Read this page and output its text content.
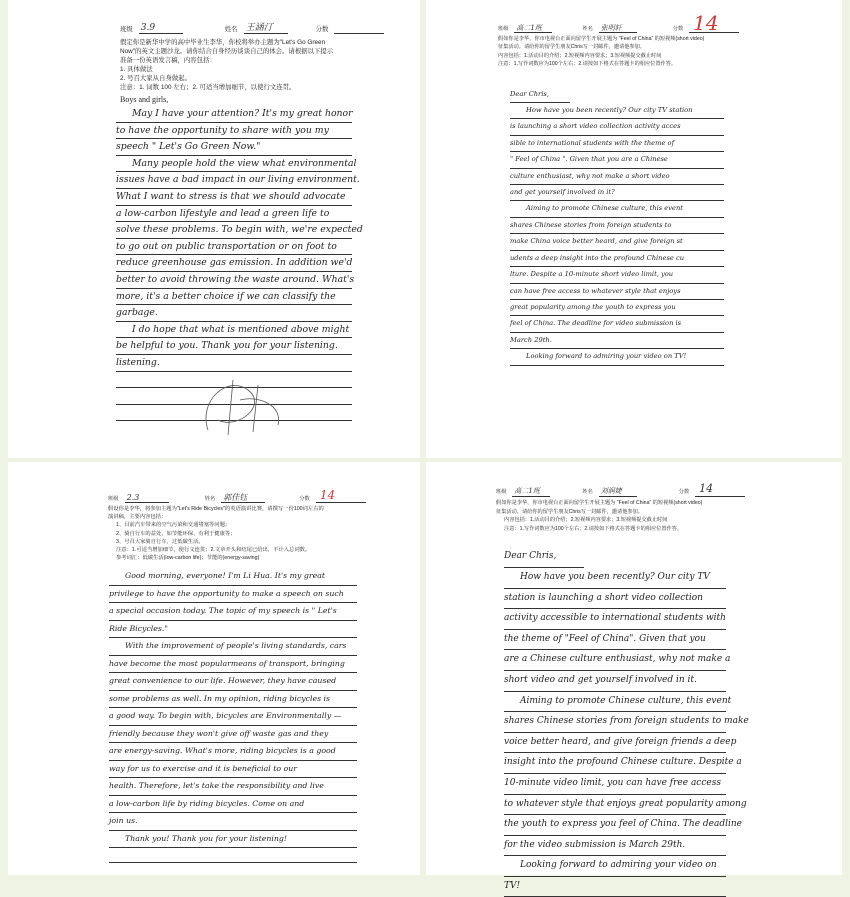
班级 3.9	姓名 王涵汀	分数

假定你是新华中学的高中毕业生李华，你校将举办主题为"Let's Go Green

Now"的英文主题沙龙。请你结合自身经历谈谈自己的体会。请根据以下提示

准备一份英语发言稿，内容包括：

1. 具体做法

2. 号召大家从自身做起。

注意：1. 词数 100 左右；2. 可适当增加细节，以使行文连贯。

Boys and girls,

May I have your attention? It's my great honor
to have the opportunity to share with you my
speech " Let's Go Green Now."
Many people hold the view what environmental
issues have a bad impact in our living environment.
What I want to stress is that we should advocate
a low-carbon lifestyle and lead a green life to
solve these problems. To begin with, we're expected
to go out on public transportation or on foot to
reduce greenhouse gas emission. In addition we'd
better to avoid throwing the waste around. What's
more, it's a better choice if we can classify the
garbage.
I do hope that what is mentioned above might
be helpful to you. Thank you for your listening.
listening.
班级 高二1班	姓名 张明轩	分数 14

假如你是李华，你市电视台正面向留学生开展主题为 "Feel of China" 的短视频(short video)

征集活动。请给你的留学生朋友Chris写一封邮件，邀请他参加。

内容包括：1.活动目的介绍；2.短视频内容要求；3.短视频提交截止时间

注意：1.写作词数应为100个左右；2.请按如下格式在答题卡的相应位置作答。

Dear Chris,
How have you been recently? Our city TV station
is launching a short video collection activity acces
sible to international students with the theme of
" Feel of China ". Given that you are a Chinese
culture enthusiast, why not make a short video
and get yourself involved in it?
Aiming to promote Chinese culture, this event
shares Chinese stories from foreign students to
make China voice better heard, and give foreign st
udents a deep insight into the profound Chinese cu
lture. Despite a 10-minute short video limit, you
can have free access to whatever style that enjoys
great popularity among the youth to express you
feel of China. The deadline for video submission is
March 29th.
Looking forward to admiring your video on TV!
班级 2.3	姓名 郭佳钰	分数 14

假设你是李华，将参加主题为"Let's Ride Bicycles"的英语演讲比赛，请撰写一份100词左右的

演讲稿，主要内容包括：

1、目前汽车带来的空气污染和交通堵塞等问题；

2、骑自行车的益处，如节能环保、有利于健康等；

3、号召大家骑自行车，过低碳生活。

注意：1.可适当增加细节，使行文连贯；2.文章开头和结尾已给出，不计入总词数。

参考词汇：低碳生活(low-carbon life)；节能的(energy-saving)

Good morning, everyone! I'm Li Hua. It's my great
privilege to have the opportunity to make a speech on such
a special occasion today. The topic of my speech is " Let's
Ride Bicycles."
With the improvement of people's living standards, cars
have become the most popularmeans of transport, bringing
great convenience to our life. However, they have caused
some problems as well. In my opinion, riding bicycles is
a good way. To begin with, bicycles are Environmentally —
friendly because they won't give off waste gas and they
are energy-saving. What's more, riding bicycles is a good
way for us to exercise and it is beneficial to our
health. Therefore, let's take the responsibility and live
a low-carbon life by riding bicycles. Come on and
join us.
Thank you! Thank you for your listening!
班级 高二1班	姓名 刘润婕	分数 14

假如你是李华，你市电视台正面向留学生开展主题为 "Feel of China" 的短视频(short video)

征集活动。请给你的留学生朋友Chris写一封邮件，邀请他参加。

内容包括：1.活动目的介绍；2.短视频内容要求；3.短视频提交截止时间

注意：1.写作词数应为100个左右；2.请按如下格式在答题卡的相应位置作答。

Dear Chris,
How have you been recently? Our city TV
station is launching a short video collection
activity accessible to international students with
the theme of "Feel of China". Given that you
are a Chinese culture enthusiast, why not make a
short video and get yourself involved in it.
Aiming to promote Chinese culture, this event
shares Chinese stories from foreign students to make
voice better heard, and give foreign friends a deep
insight into the profound Chinese culture. Despite a
10-minute video limit, you can have free access
to whatever style that enjoys great popularity among
the youth to express you feel of China. The deadline
for the video submission is March 29th.
Looking forward to admiring your video on
TV!
